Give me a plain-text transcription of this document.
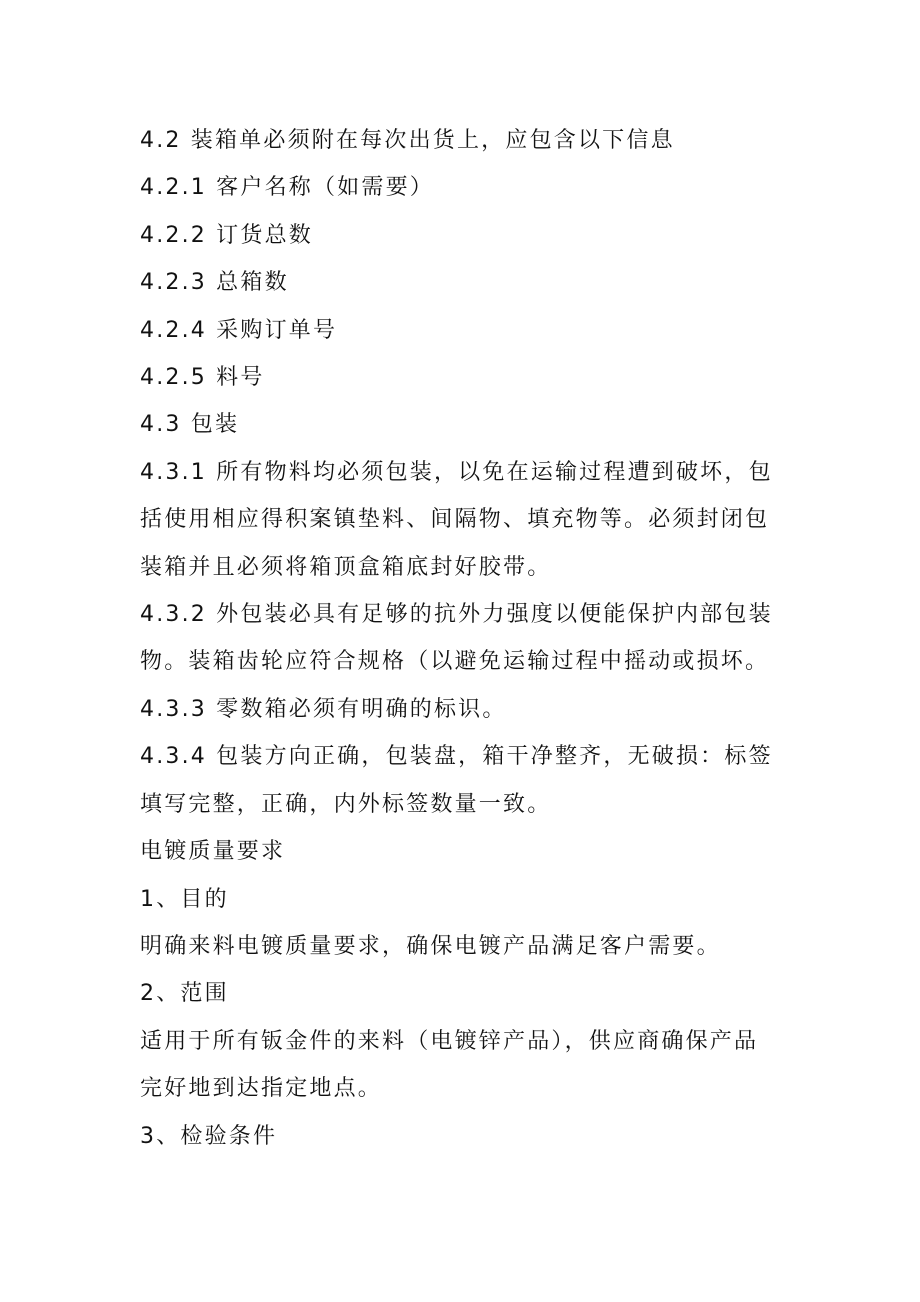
4.2 装箱单必须附在每次出货上，应包含以下信息
4.2.1 客户名称（如需要）
4.2.2 订货总数
4.2.3 总箱数
4.2.4 采购订单号
4.2.5 料号
4.3 包装
4.3.1 所有物料均必须包装，以免在运输过程遭到破坏，包
括使用相应得积案镇垫料、间隔物、填充物等。必须封闭包
装箱并且必须将箱顶盒箱底封好胶带。
4.3.2 外包装必具有足够的抗外力强度以便能保护内部包装
物。装箱齿轮应符合规格（以避免运输过程中摇动或损坏。
4.3.3 零数箱必须有明确的标识。
4.3.4 包装方向正确，包装盘，箱干净整齐，无破损：标签
填写完整，正确，内外标签数量一致。
电镀质量要求
1、目的
明确来料电镀质量要求，确保电镀产品满足客户需要。
2、范围
适用于所有钣金件的来料（电镀锌产品），供应商确保产品
完好地到达指定地点。
3、检验条件
